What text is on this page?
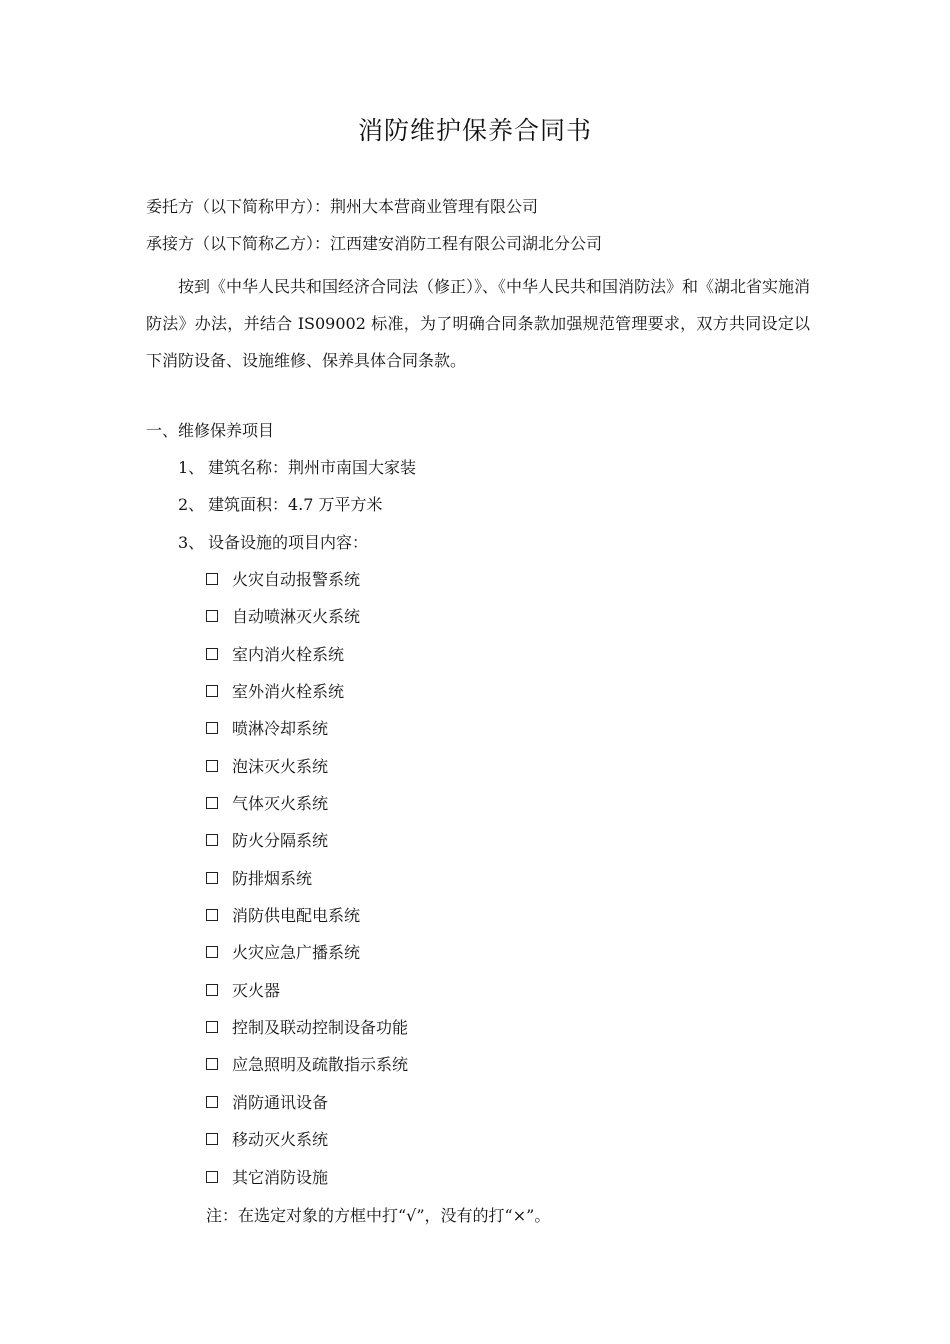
消防维护保养合同书
委托方（以下简称甲方）：荆州大本营商业管理有限公司
承接方（以下简称乙方）：江西建安消防工程有限公司湖北分公司
按到《中华人民共和国经济合同法（修正）》、《中华人民共和国消防法》和《湖北省实施消防法》办法，并结合 IS09002 标准，为了明确合同条款加强规范管理要求，双方共同设定以下消防设备、设施维修、保养具体合同条款。
一、维修保养项目
1、 建筑名称：荆州市南国大家装
2、 建筑面积：4.7 万平方米
3、 设备设施的项目内容：
火灾自动报警系统
自动喷淋灭火系统
室内消火栓系统
室外消火栓系统
喷淋冷却系统
泡沫灭火系统
气体灭火系统
防火分隔系统
防排烟系统
消防供电配电系统
火灾应急广播系统
灭火器
控制及联动控制设备功能
应急照明及疏散指示系统
消防通讯设备
移动灭火系统
其它消防设施
注：在选定对象的方框中打“√”，没有的打“×”。
